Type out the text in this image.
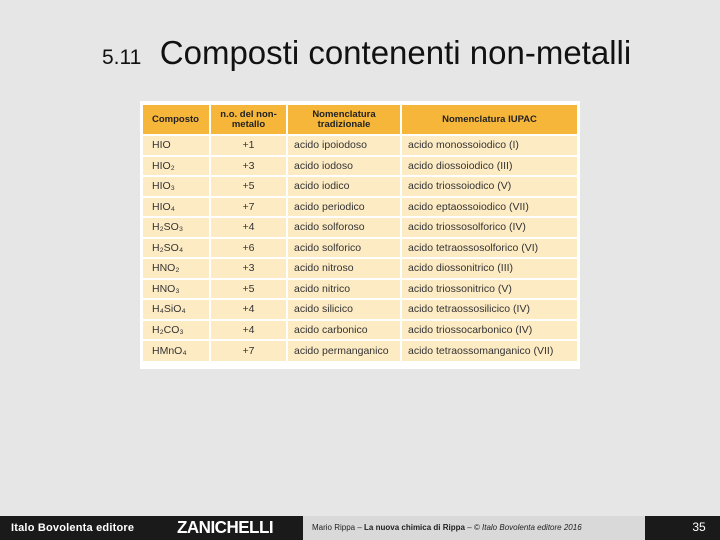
5.11 Composti contenenti non-metalli
Composto	n.o. del non-metallo	Nomenclatura tradizionale	Nomenclatura IUPAC
HIO	+1	acido ipoiodoso	acido monossoiodico (I)
HIO₂	+3	acido iodoso	acido diossoiodico (III)
HIO₃	+5	acido iodico	acido triossoiodico (V)
HIO₄	+7	acido periodico	acido eptaossoiodico (VII)
H₂SO₃	+4	acido solforoso	acido triossosolforico (IV)
H₂SO₄	+6	acido solforico	acido tetraossosolforico (VI)
HNO₂	+3	acido nitroso	acido diossonitrico (III)
HNO₃	+5	acido nitrico	acido triossonitrico (V)
H₄SiO₄	+4	acido silicico	acido tetraossosilicico (IV)
H₂CO₃	+4	acido carbonico	acido triossocarbonico (IV)
HMnO₄	+7	acido permanganico	acido tetraossomanganico (VII)
Italo Bovolenta editore	ZANICHELLI	Mario Rippa – La nuova chimica di Rippa – © Italo Bovolenta editore 2016	35
